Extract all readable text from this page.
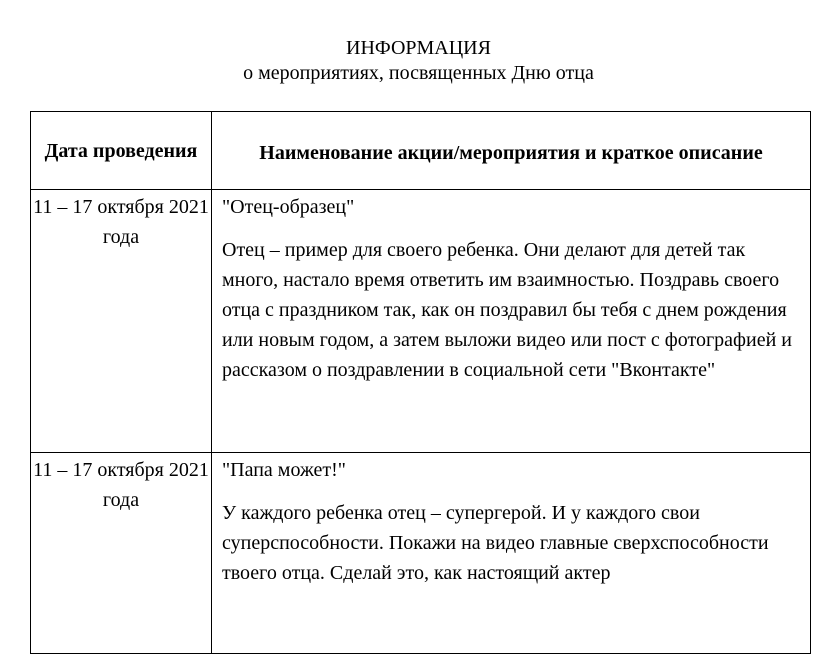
ИНФОРМАЦИЯ
о мероприятиях, посвященных Дню отца
Дата проведения	Наименование акции/мероприятия и краткое описание
11 – 17 октября 2021 года	"Отец-образец"
Отец – пример для своего ребенка. Они делают для детей так много, настало время ответить им взаимностью. Поздравь своего отца с праздником так, как он поздравил бы тебя с днем рождения или новым годом, а затем выложи видео или пост с фотографией и рассказом о поздравлении в социальной сети "Вконтакте"

11 – 17 октября 2021 года	"Папа может!"
У каждого ребенка отец – супергерой. И у каждого свои суперспособности. Покажи на видео главные сверхспособности твоего отца. Сделай это, как настоящий актер
